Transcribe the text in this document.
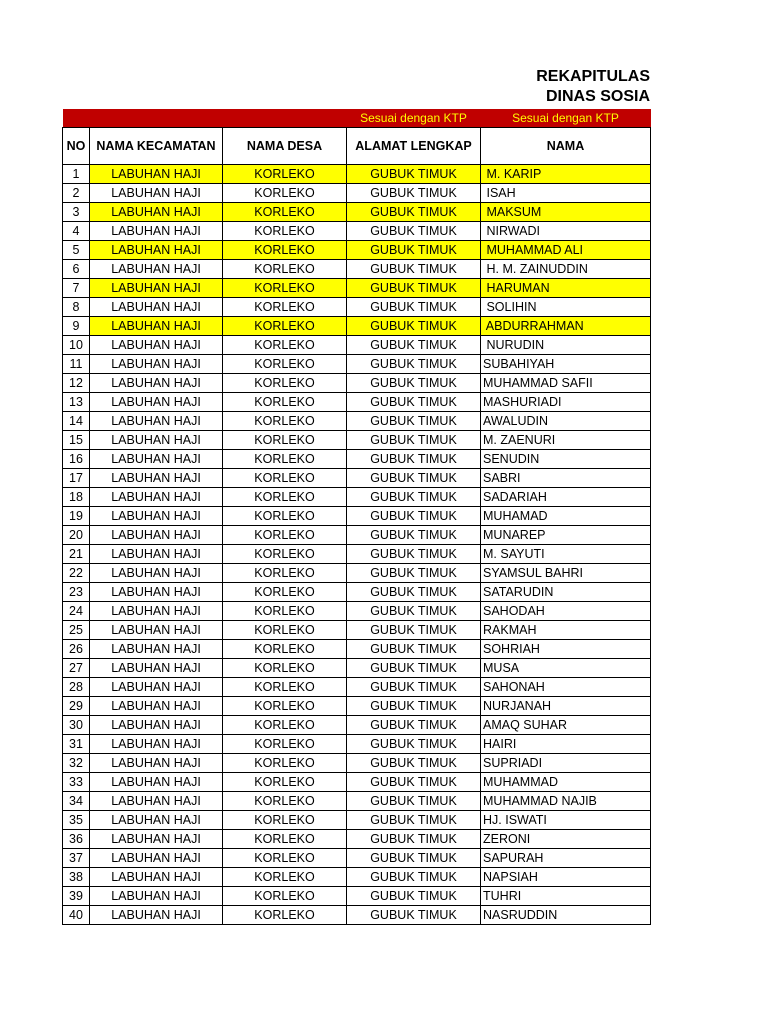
REKAPITULAS
DINAS SOSIA
			Sesuai dengan KTP	Sesuai dengan KTP
NO	NAMA KECAMATAN	NAMA DESA	ALAMAT LENGKAP	NAMA
1	LABUHAN HAJI	KORLEKO	GUBUK TIMUK	M. KARIP
2	LABUHAN HAJI	KORLEKO	GUBUK TIMUK	ISAH
3	LABUHAN HAJI	KORLEKO	GUBUK TIMUK	MAKSUM
4	LABUHAN HAJI	KORLEKO	GUBUK TIMUK	NIRWADI
5	LABUHAN HAJI	KORLEKO	GUBUK TIMUK	MUHAMMAD ALI
6	LABUHAN HAJI	KORLEKO	GUBUK TIMUK	H. M. ZAINUDDIN
7	LABUHAN HAJI	KORLEKO	GUBUK TIMUK	HARUMAN
8	LABUHAN HAJI	KORLEKO	GUBUK TIMUK	SOLIHIN
9	LABUHAN HAJI	KORLEKO	GUBUK TIMUK	ABDURRAHMAN
10	LABUHAN HAJI	KORLEKO	GUBUK TIMUK	NURUDIN
11	LABUHAN HAJI	KORLEKO	GUBUK TIMUK	SUBAHIYAH
12	LABUHAN HAJI	KORLEKO	GUBUK TIMUK	MUHAMMAD SAFII
13	LABUHAN HAJI	KORLEKO	GUBUK TIMUK	MASHURIADI
14	LABUHAN HAJI	KORLEKO	GUBUK TIMUK	AWALUDIN
15	LABUHAN HAJI	KORLEKO	GUBUK TIMUK	M. ZAENURI
16	LABUHAN HAJI	KORLEKO	GUBUK TIMUK	SENUDIN
17	LABUHAN HAJI	KORLEKO	GUBUK TIMUK	SABRI
18	LABUHAN HAJI	KORLEKO	GUBUK TIMUK	SADARIAH
19	LABUHAN HAJI	KORLEKO	GUBUK TIMUK	MUHAMAD
20	LABUHAN HAJI	KORLEKO	GUBUK TIMUK	MUNAREP
21	LABUHAN HAJI	KORLEKO	GUBUK TIMUK	M. SAYUTI
22	LABUHAN HAJI	KORLEKO	GUBUK TIMUK	SYAMSUL BAHRI
23	LABUHAN HAJI	KORLEKO	GUBUK TIMUK	SATARUDIN
24	LABUHAN HAJI	KORLEKO	GUBUK TIMUK	SAHODAH
25	LABUHAN HAJI	KORLEKO	GUBUK TIMUK	RAKMAH
26	LABUHAN HAJI	KORLEKO	GUBUK TIMUK	SOHRIAH
27	LABUHAN HAJI	KORLEKO	GUBUK TIMUK	MUSA
28	LABUHAN HAJI	KORLEKO	GUBUK TIMUK	SAHONAH
29	LABUHAN HAJI	KORLEKO	GUBUK TIMUK	NURJANAH
30	LABUHAN HAJI	KORLEKO	GUBUK TIMUK	AMAQ SUHAR
31	LABUHAN HAJI	KORLEKO	GUBUK TIMUK	HAIRI
32	LABUHAN HAJI	KORLEKO	GUBUK TIMUK	SUPRIADI
33	LABUHAN HAJI	KORLEKO	GUBUK TIMUK	MUHAMMAD
34	LABUHAN HAJI	KORLEKO	GUBUK TIMUK	MUHAMMAD NAJIB
35	LABUHAN HAJI	KORLEKO	GUBUK TIMUK	HJ. ISWATI
36	LABUHAN HAJI	KORLEKO	GUBUK TIMUK	ZERONI
37	LABUHAN HAJI	KORLEKO	GUBUK TIMUK	SAPURAH
38	LABUHAN HAJI	KORLEKO	GUBUK TIMUK	NAPSIAH
39	LABUHAN HAJI	KORLEKO	GUBUK TIMUK	TUHRI
40	LABUHAN HAJI	KORLEKO	GUBUK TIMUK	NASRUDDIN
